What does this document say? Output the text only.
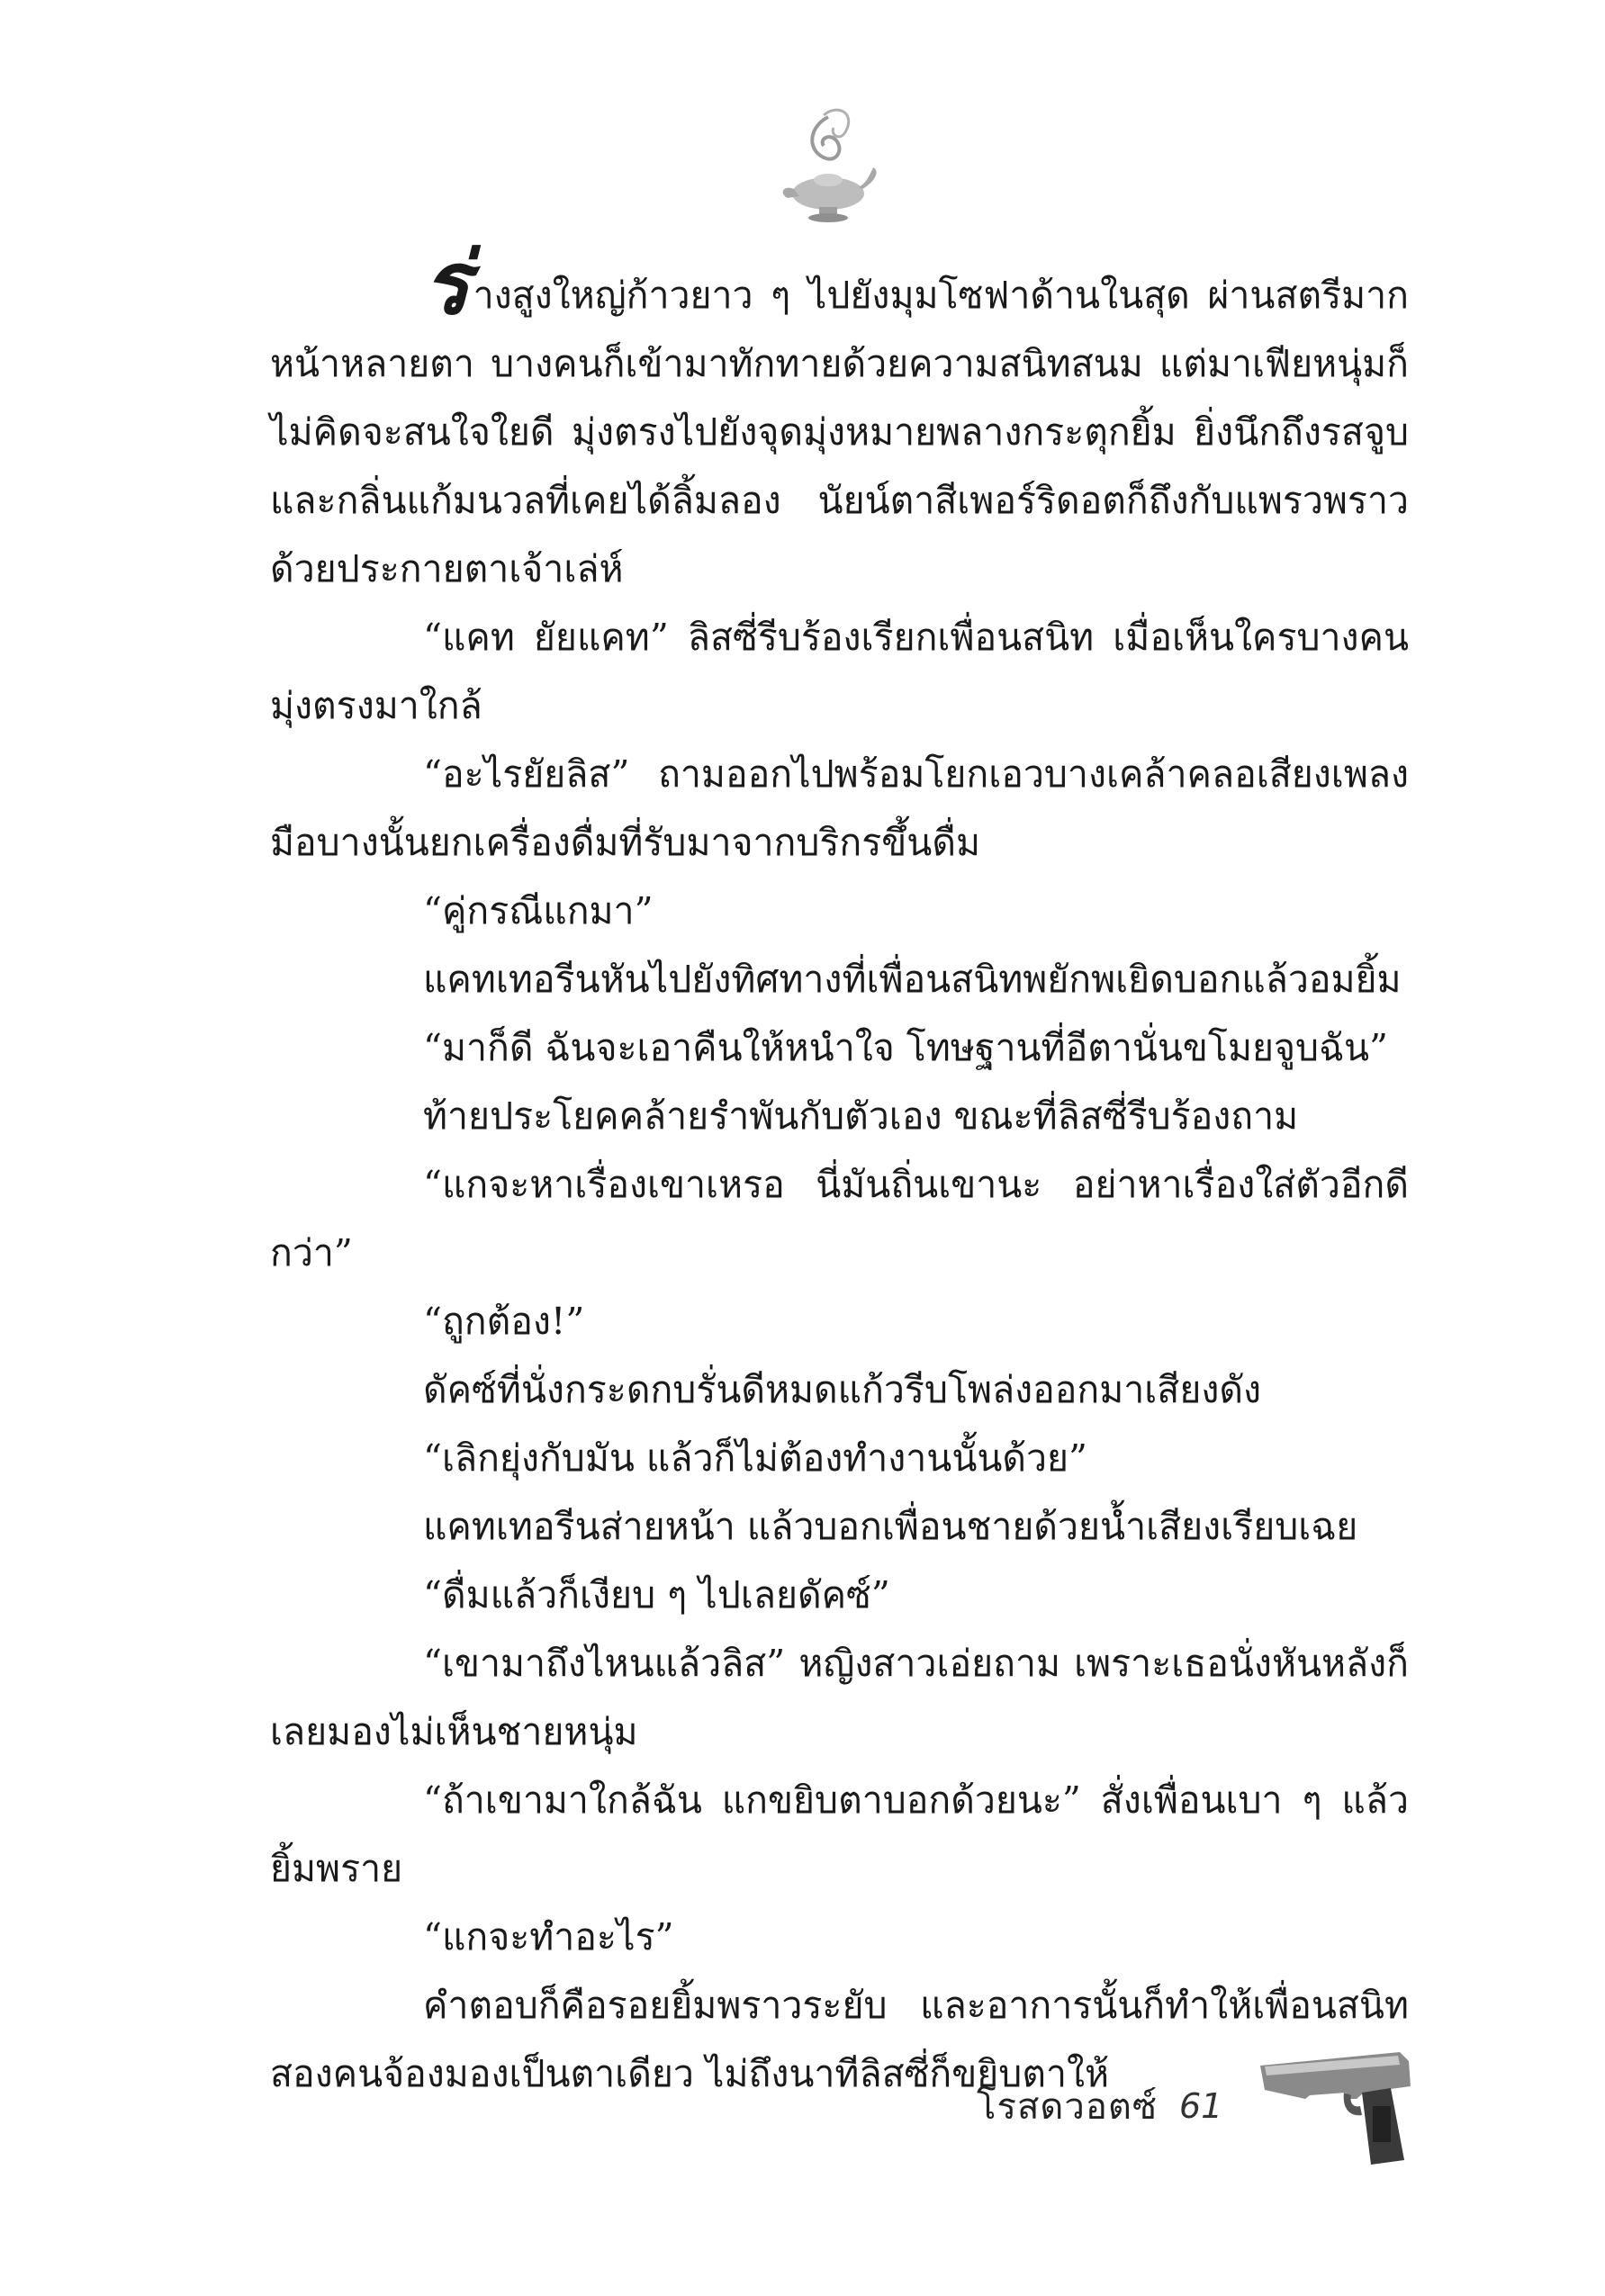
ร่างสูงใหญ่ก้าวยาว ๆ ไปยังมุมโซฟาด้านในสุด ผ่านสตรีมากหน้าหลายตา บางคนก็เข้ามาทักทายด้วยความสนิทสนม แต่มาเฟียหนุ่มก็ไม่คิดจะสนใจใยดี มุ่งตรงไปยังจุดมุ่งหมายพลางกระตุกยิ้ม ยิ่งนึกถึงรสจูบและกลิ่นแก้มนวลที่เคยได้ลิ้มลอง นัยน์ตาสีเพอร์ริดอตก็ถึงกับแพรวพราวด้วยประกายตาเจ้าเล่ห์

“แคท ยัยแคท” ลิสซี่รีบร้องเรียกเพื่อนสนิท เมื่อเห็นใครบางคนมุ่งตรงมาใกล้

“อะไรยัยลิส” ถามออกไปพร้อมโยกเอวบางเคล้าคลอเสียงเพลง มือบางนั้นยกเครื่องดื่มที่รับมาจากบริกรขึ้นดื่ม

“คู่กรณีแกมา”

แคทเทอรีนหันไปยังทิศทางที่เพื่อนสนิทพยักพเยิดบอกแล้วอมยิ้ม

“มาก็ดี ฉันจะเอาคืนให้หนำใจ โทษฐานที่อีตานั่นขโมยจูบฉัน”

ท้ายประโยคคล้ายรำพันกับตัวเอง ขณะที่ลิสซี่รีบร้องถาม

“แกจะหาเรื่องเขาเหรอ นี่มันถิ่นเขานะ อย่าหาเรื่องใส่ตัวอีกดีกว่า”

“ถูกต้อง!”

ดัคซ์ที่นั่งกระดกบรั่นดีหมดแก้วรีบโพล่งออกมาเสียงดัง

“เลิกยุ่งกับมัน แล้วก็ไม่ต้องทำงานนั้นด้วย”

แคทเทอรีนส่ายหน้า แล้วบอกเพื่อนชายด้วยน้ำเสียงเรียบเฉย

“ดื่มแล้วก็เงียบ ๆ ไปเลยดัคซ์”

“เขามาถึงไหนแล้วลิส” หญิงสาวเอ่ยถาม เพราะเธอนั่งหันหลังก็เลยมองไม่เห็นชายหนุ่ม

“ถ้าเขามาใกล้ฉัน แกขยิบตาบอกด้วยนะ” สั่งเพื่อนเบา ๆ แล้วยิ้มพราย

“แกจะทำอะไร”

คำตอบก็คือรอยยิ้มพราวระยับ และอาการนั้นก็ทำให้เพื่อนสนิทสองคนจ้องมองเป็นตาเดียว ไม่ถึงนาทีลิสซี่ก็ขยิบตาให้

โรสดวอตซ์ 61
